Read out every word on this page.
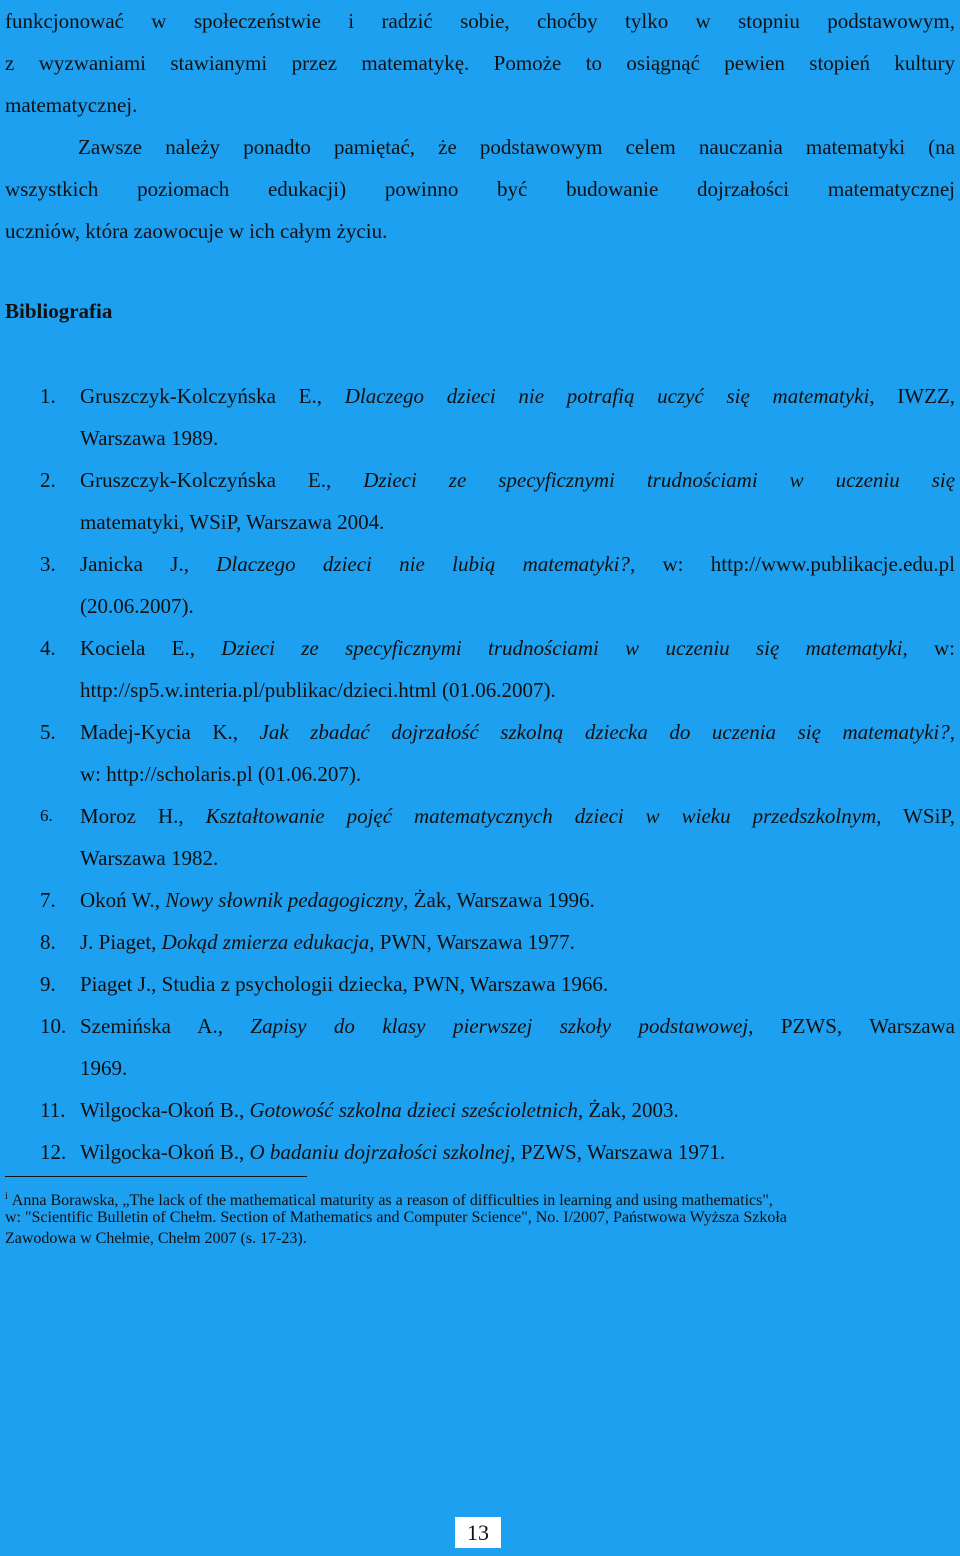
funkcjonować w społeczeństwie i radzić sobie, choćby tylko w stopniu podstawowym,
z wyzwaniami stawianymi przez matematykę. Pomoże to osiągnąć pewien stopień kultury
matematycznej.
Zawsze należy ponadto pamiętać, że podstawowym celem nauczania matematyki (na
wszystkich poziomach edukacji) powinno być budowanie dojrzałości matematycznej
uczniów, która zaowocuje w ich całym życiu.
Bibliografia
1.	Gruszczyk-Kolczyńska E., Dlaczego dzieci nie potrafią uczyć się matematyki, IWZZ,
Warszawa 1989.
2.	Gruszczyk-Kolczyńska E., Dzieci ze specyficznymi trudnościami w uczeniu się
matematyki, WSiP, Warszawa 2004.
3.	Janicka J., Dlaczego dzieci nie lubią matematyki?, w: http://www.publikacje.edu.pl
(20.06.2007).
4.	Kociela E., Dzieci ze specyficznymi trudnościami w uczeniu się matematyki, w:
http://sp5.w.interia.pl/publikac/dzieci.html (01.06.2007).
5.	Madej-Kycia K., Jak zbadać dojrzałość szkolną dziecka do uczenia się matematyki?,
w: http://scholaris.pl (01.06.207).
6.	Moroz H., Kształtowanie pojęć matematycznych dzieci w wieku przedszkolnym, WSiP,
Warszawa 1982.
7.	Okoń W., Nowy słownik pedagogiczny, Żak, Warszawa 1996.
8.	J. Piaget, Dokąd zmierza edukacja, PWN, Warszawa 1977.
9.	Piaget J., Studia z psychologii dziecka, PWN, Warszawa 1966.
10. Szemińska A., Zapisy do klasy pierwszej szkoły podstawowej, PZWS, Warszawa
1969.
11. Wilgocka-Okoń B., Gotowość szkolna dzieci sześcioletnich, Żak, 2003.
12. Wilgocka-Okoń B., O badaniu dojrzałości szkolnej, PZWS, Warszawa 1971.
$^i$ Anna Borawska, „The lack of the mathematical maturity as a reason of difficulties in learning and using mathematics",
w: "Scientific Bulletin of Chełm. Section of Mathematics and Computer Science", No. I/2007, Państwowa Wyższa Szkoła
Zawodowa w Chełmie, Chełm 2007 (s. 17-23).
13
